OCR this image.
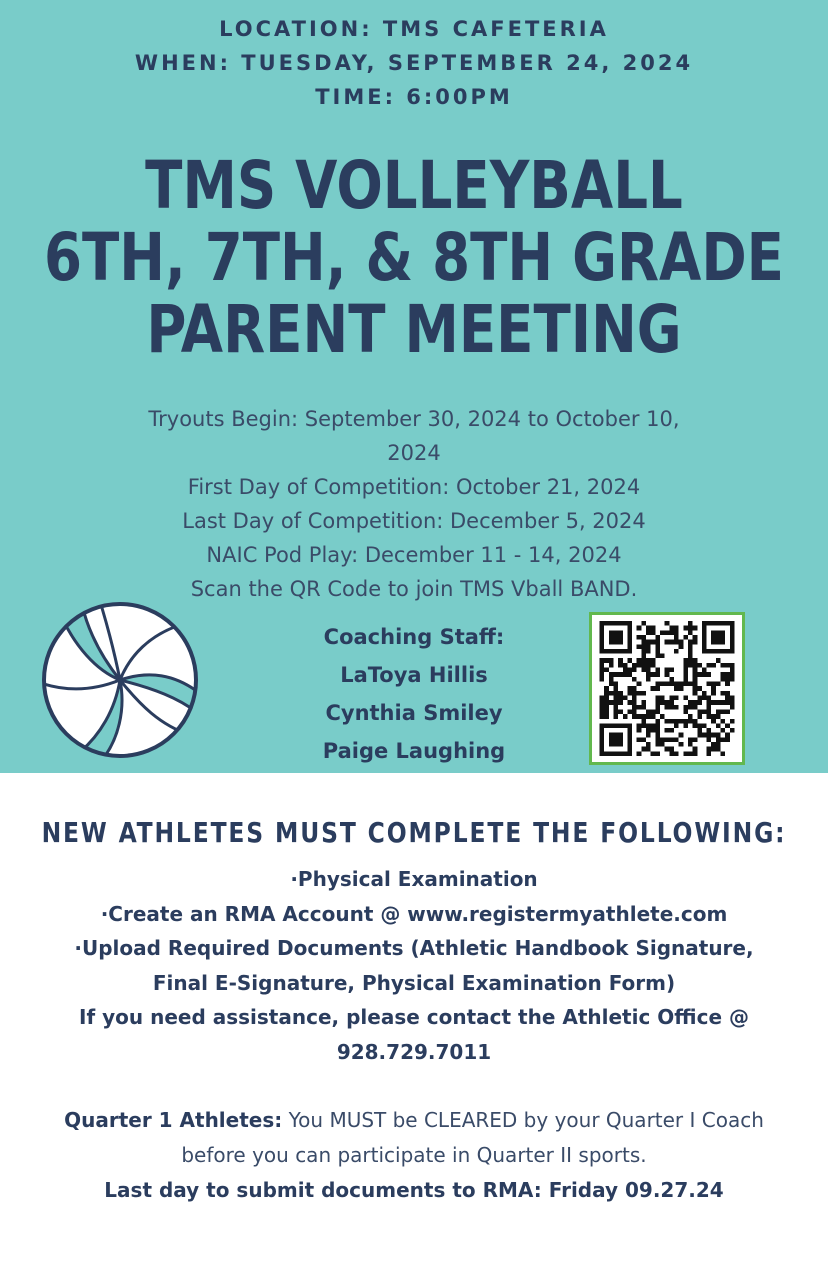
LOCATION: TMS CAFETERIA
WHEN: TUESDAY, SEPTEMBER 24, 2024
TIME: 6:00PM
TMS VOLLEYBALL
6TH, 7TH, & 8TH GRADE
PARENT MEETING
Tryouts Begin: September 30, 2024 to October 10,
2024
First Day of Competition: October 21, 2024
Last Day of Competition: December 5, 2024
NAIC Pod Play: December 11 - 14, 2024
Scan the QR Code to join TMS Vball BAND.
Coaching Staff:
LaToya Hillis
Cynthia Smiley
Paige Laughing
NEW ATHLETES MUST COMPLETE THE FOLLOWING:
·Physical Examination
·Create an RMA Account @ www.registermyathlete.com
·Upload Required Documents (Athletic Handbook Signature,
Final E-Signature, Physical Examination Form)
If you need assistance, please contact the Athletic Office @
928.729.7011
Quarter 1 Athletes: You MUST be CLEARED by your Quarter I Coach
before you can participate in Quarter II sports.
Last day to submit documents to RMA: Friday 09.27.24
